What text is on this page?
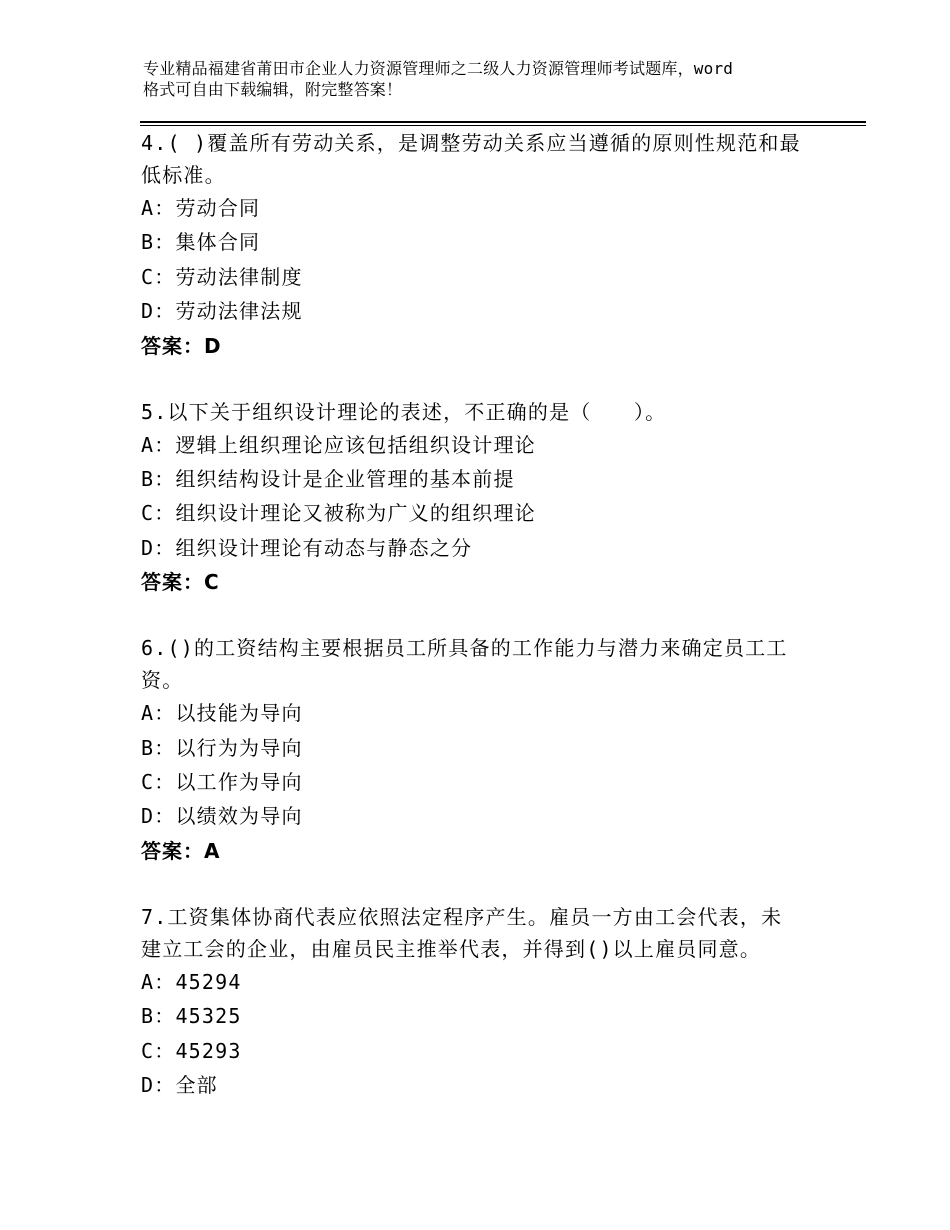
专业精品福建省莆田市企业人力资源管理师之二级人力资源管理师考试题库，word
格式可自由下载编辑，附完整答案！
4.( )覆盖所有劳动关系，是调整劳动关系应当遵循的原则性规范和最
低标准。
A：劳动合同
B：集体合同
C：劳动法律制度
D：劳动法律法规
答案：D
5.以下关于组织设计理论的表述，不正确的是（　　）。
A：逻辑上组织理论应该包括组织设计理论
B：组织结构设计是企业管理的基本前提
C：组织设计理论又被称为广义的组织理论
D：组织设计理论有动态与静态之分
答案：C
6.()的工资结构主要根据员工所具备的工作能力与潜力来确定员工工
资。
A：以技能为导向
B：以行为为导向
C：以工作为导向
D：以绩效为导向
答案：A
7.工资集体协商代表应依照法定程序产生。雇员一方由工会代表，未
建立工会的企业，由雇员民主推举代表，并得到()以上雇员同意。
A：45294
B：45325
C：45293
D：全部
